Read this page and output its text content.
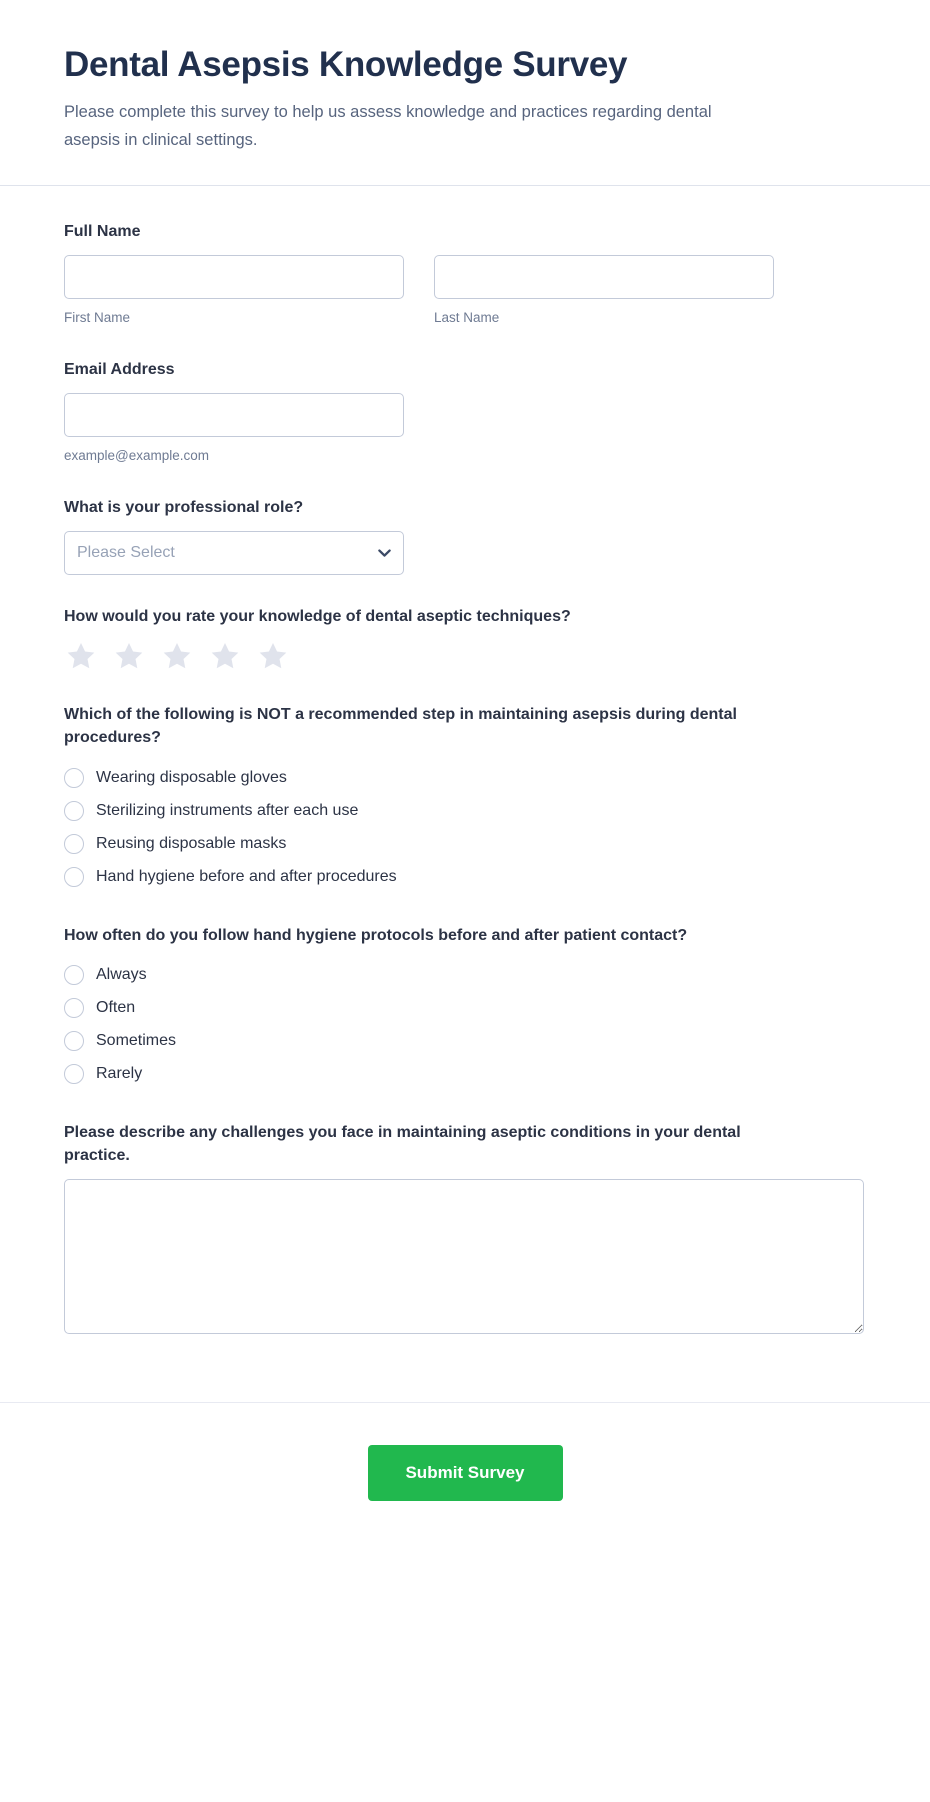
Dental Asepsis Knowledge Survey

Please complete this survey to help us assess knowledge and practices regarding dental asepsis in clinical settings.

Full Name
First Name	Last Name
Email Address
example@example.com
What is your professional role?
Please Select
How would you rate your knowledge of dental aseptic techniques?
Which of the following is NOT a recommended step in maintaining asepsis during dental procedures?
Wearing disposable gloves
Sterilizing instruments after each use
Reusing disposable masks
Hand hygiene before and after procedures
How often do you follow hand hygiene protocols before and after patient contact?
Always
Often
Sometimes
Rarely
Please describe any challenges you face in maintaining aseptic conditions in your dental practice.
Submit Survey
